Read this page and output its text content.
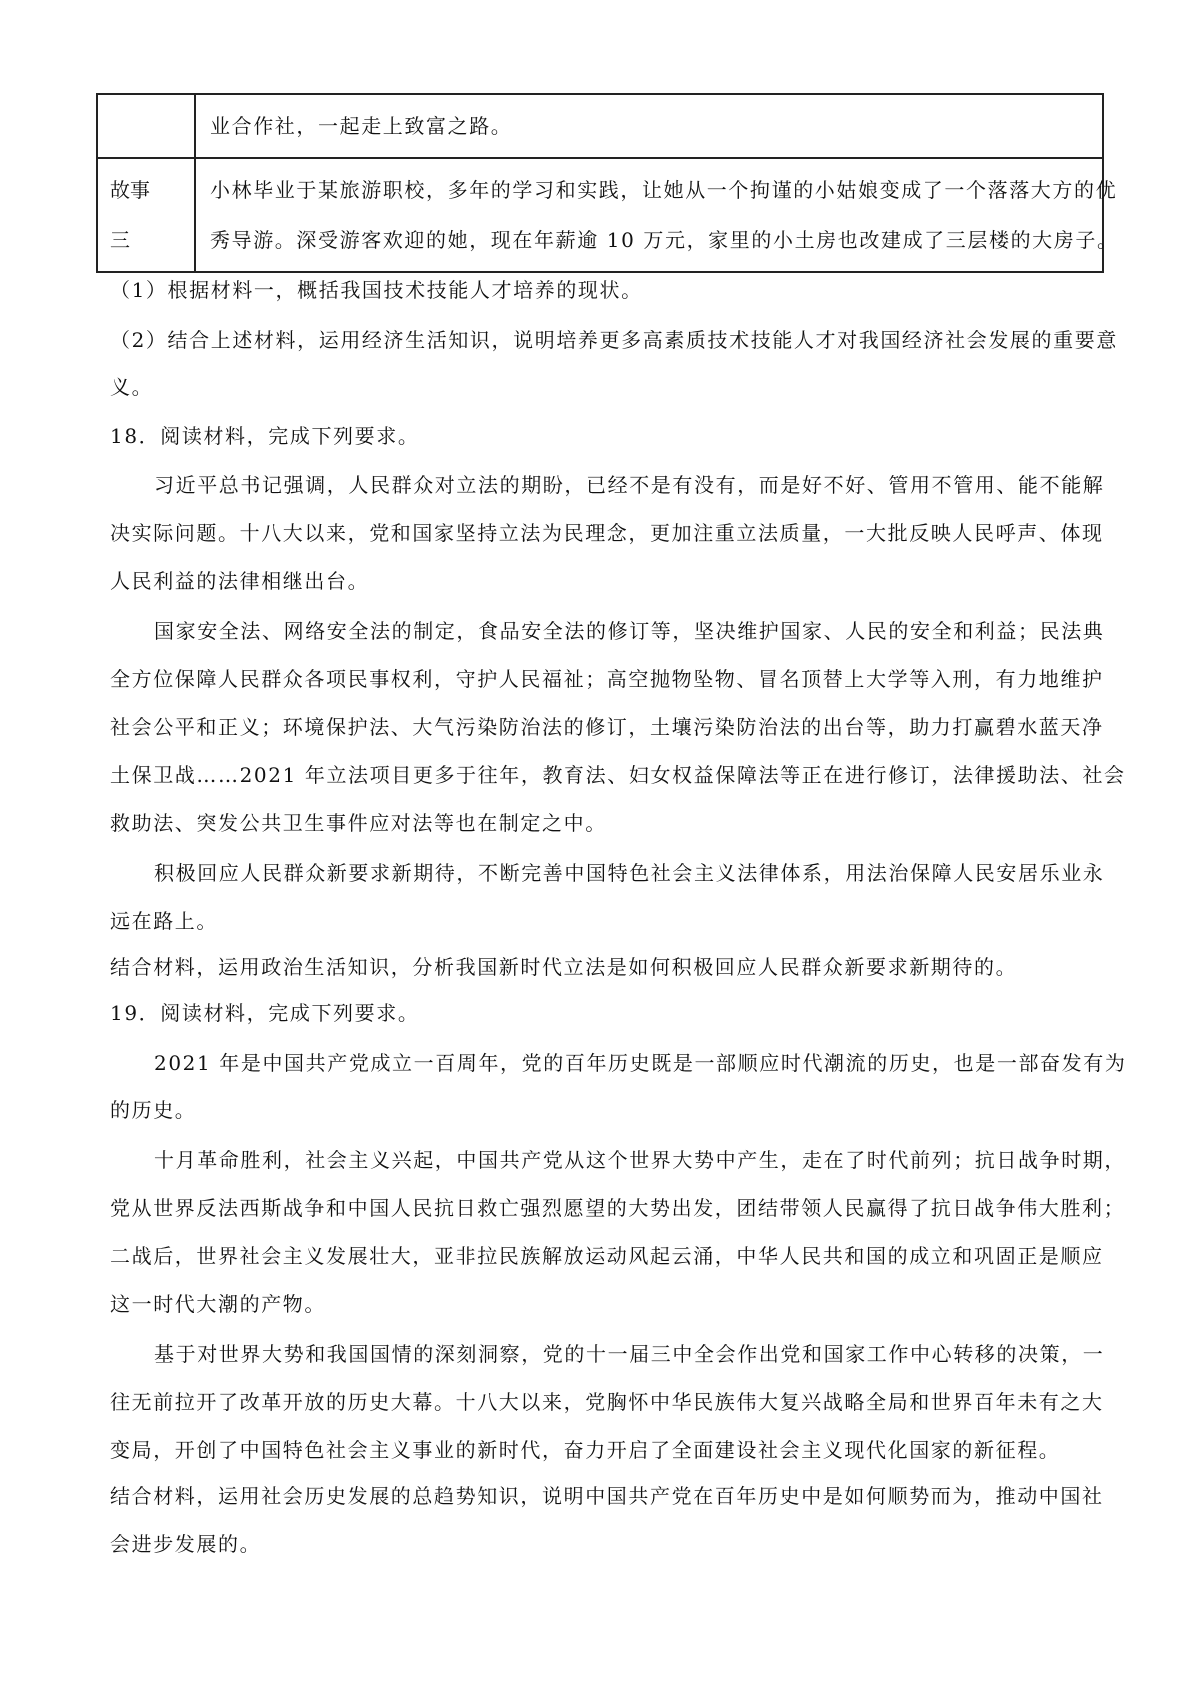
	业合作社，一起走上致富之路。

故事
三	小林毕业于某旅游职校，多年的学习和实践，让她从一个拘谨的小姑娘变成了一个落落大方的优
秀导游。深受游客欢迎的她，现在年薪逾 10 万元，家里的小土房也改建成了三层楼的大房子。
（1）根据材料一，概括我国技术技能人才培养的现状。
（2）结合上述材料，运用经济生活知识，说明培养更多高素质技术技能人才对我国经济社会发展的重要意
义。
18．阅读材料，完成下列要求。
习近平总书记强调，人民群众对立法的期盼，已经不是有没有，而是好不好、管用不管用、能不能解
决实际问题。十八大以来，党和国家坚持立法为民理念，更加注重立法质量，一大批反映人民呼声、体现
人民利益的法律相继出台。
国家安全法、网络安全法的制定，食品安全法的修订等，坚决维护国家、人民的安全和利益；民法典
全方位保障人民群众各项民事权利，守护人民福祉；高空抛物坠物、冒名顶替上大学等入刑，有力地维护
社会公平和正义；环境保护法、大气污染防治法的修订，土壤污染防治法的出台等，助力打赢碧水蓝天净
土保卫战……2021 年立法项目更多于往年，教育法、妇女权益保障法等正在进行修订，法律援助法、社会
救助法、突发公共卫生事件应对法等也在制定之中。
积极回应人民群众新要求新期待，不断完善中国特色社会主义法律体系，用法治保障人民安居乐业永
远在路上。
结合材料，运用政治生活知识，分析我国新时代立法是如何积极回应人民群众新要求新期待的。
19．阅读材料，完成下列要求。
2021 年是中国共产党成立一百周年，党的百年历史既是一部顺应时代潮流的历史，也是一部奋发有为
的历史。
十月革命胜利，社会主义兴起，中国共产党从这个世界大势中产生，走在了时代前列；抗日战争时期，
党从世界反法西斯战争和中国人民抗日救亡强烈愿望的大势出发，团结带领人民赢得了抗日战争伟大胜利；
二战后，世界社会主义发展壮大，亚非拉民族解放运动风起云涌，中华人民共和国的成立和巩固正是顺应
这一时代大潮的产物。
基于对世界大势和我国国情的深刻洞察，党的十一届三中全会作出党和国家工作中心转移的决策，一
往无前拉开了改革开放的历史大幕。十八大以来，党胸怀中华民族伟大复兴战略全局和世界百年未有之大
变局，开创了中国特色社会主义事业的新时代，奋力开启了全面建设社会主义现代化国家的新征程。
结合材料，运用社会历史发展的总趋势知识，说明中国共产党在百年历史中是如何顺势而为，推动中国社
会进步发展的。
